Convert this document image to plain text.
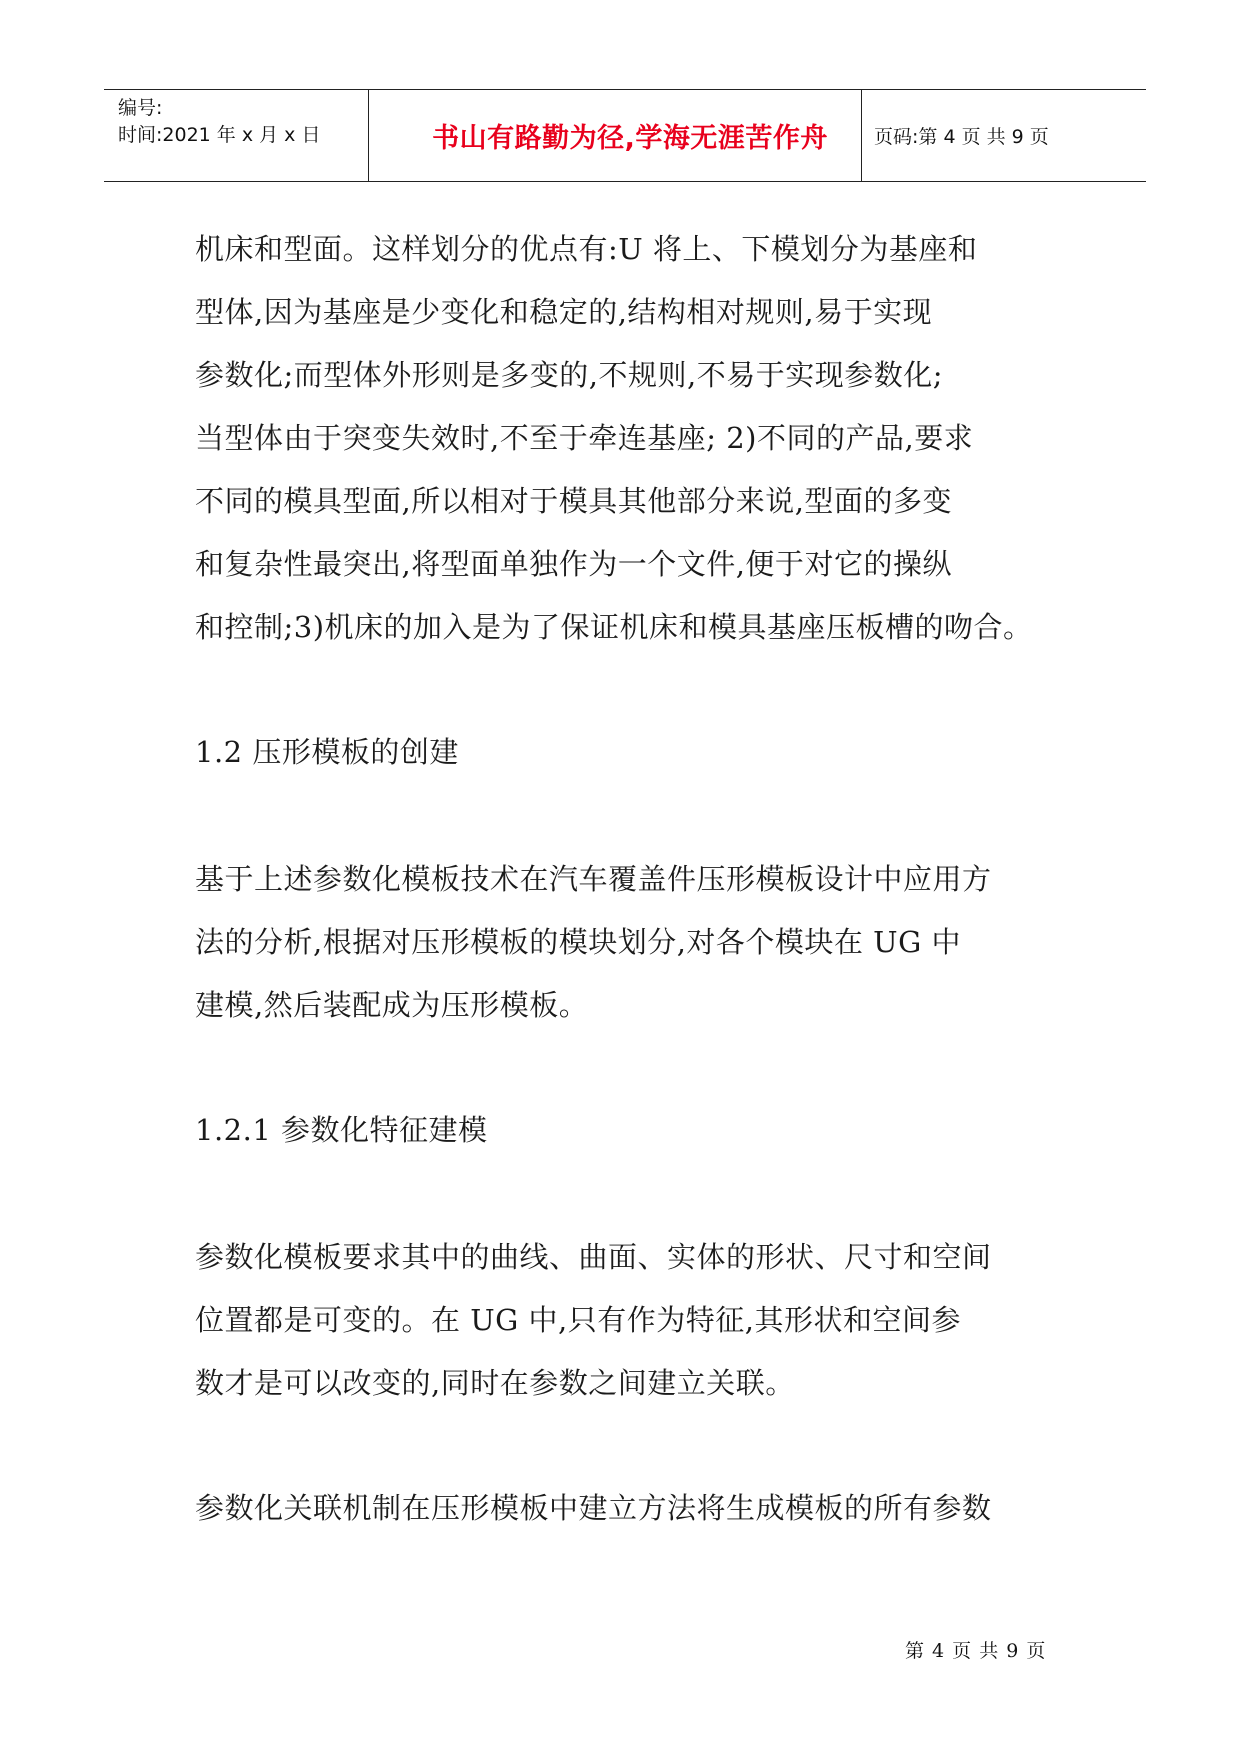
编号:
时间:2021 年 x 月 x 日	书山有路勤为径,学海无涯苦作舟	页码:第 4 页 共 9 页

机床和型面。这样划分的优点有:U 将上、下模划分为基座和
型体,因为基座是少变化和稳定的,结构相对规则,易于实现
参数化;而型体外形则是多变的,不规则,不易于实现参数化;
当型体由于突变失效时,不至于牵连基座; 2)不同的产品,要求
不同的模具型面,所以相对于模具其他部分来说,型面的多变
和复杂性最突出,将型面单独作为一个文件,便于对它的操纵
和控制;3)机床的加入是为了保证机床和模具基座压板槽的吻合。

1.2 压形模板的创建

基于上述参数化模板技术在汽车覆盖件压形模板设计中应用方
法的分析,根据对压形模板的模块划分,对各个模块在 UG 中
建模,然后装配成为压形模板。

1.2.1 参数化特征建模

参数化模板要求其中的曲线、曲面、实体的形状、尺寸和空间
位置都是可变的。在 UG 中,只有作为特征,其形状和空间参
数才是可以改变的,同时在参数之间建立关联。

参数化关联机制在压形模板中建立方法将生成模板的所有参数

第 4 页 共 9 页
